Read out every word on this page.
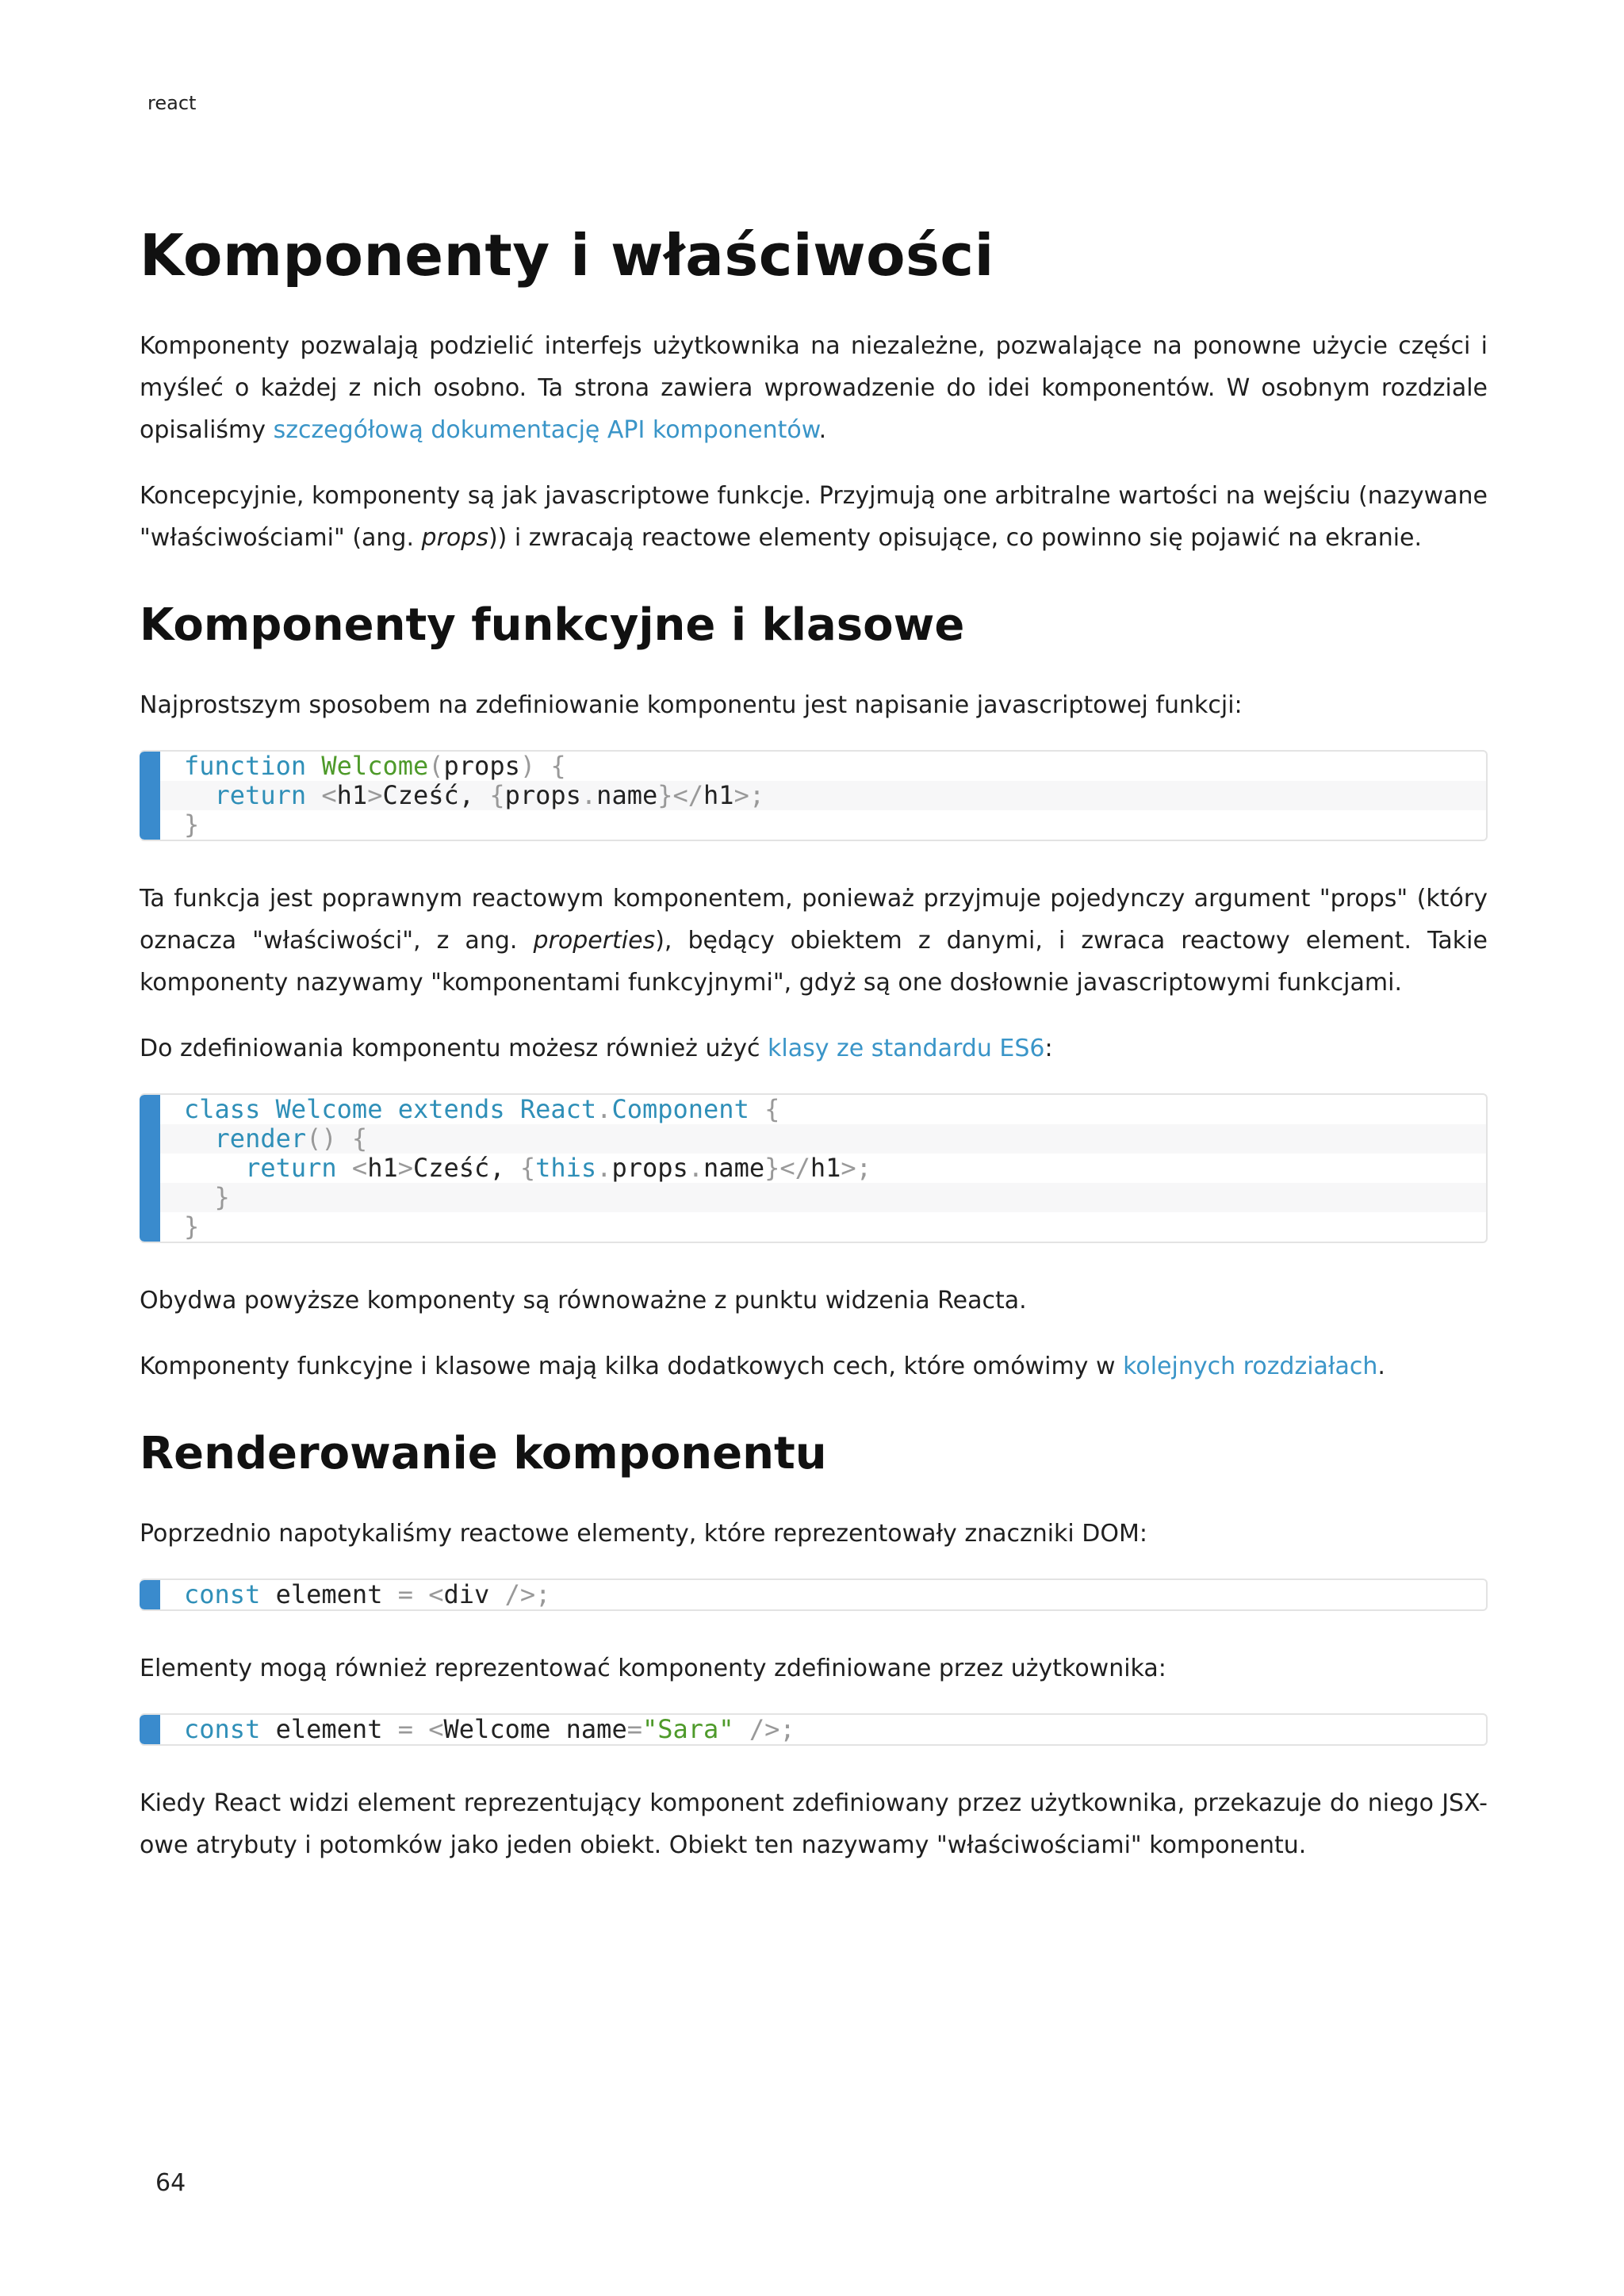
react
Komponenty i właściwości

Komponenty pozwalają podzielić interfejs użytkownika na niezależne, pozwalające na ponowne użycie części i myśleć o każdej z nich osobno. Ta strona zawiera wprowadzenie do idei komponentów. W osobnym rozdziale opisaliśmy szczegółową dokumentację API komponentów.

Koncepcyjnie, komponenty są jak javascriptowe funkcje. Przyjmują one arbitralne wartości na wejściu (nazywane "właściwościami" (ang. props)) i zwracają reactowe elementy opisujące, co powinno się pojawić na ekranie.

Komponenty funkcyjne i klasowe

Najprostszym sposobem na zdefiniowanie komponentu jest napisanie javascriptowej funkcji:

function Welcome(props) {
return <h1>Cześć, {props.name}</h1>;
}

Ta funkcja jest poprawnym reactowym komponentem, ponieważ przyjmuje pojedynczy argument "props" (który oznacza "właściwości", z ang. properties), będący obiektem z danymi, i zwraca reactowy element. Takie komponenty nazywamy "komponentami funkcyjnymi", gdyż są one dosłownie javascriptowymi funkcjami.

Do zdefiniowania komponentu możesz również użyć klasy ze standardu ES6:

class Welcome extends React.Component {
render() {
return <h1>Cześć, {this.props.name}</h1>;
}
}

Obydwa powyższe komponenty są równoważne z punktu widzenia Reacta.

Komponenty funkcyjne i klasowe mają kilka dodatkowych cech, które omówimy w kolejnych rozdziałach.

Renderowanie komponentu

Poprzednio napotykaliśmy reactowe elementy, które reprezentowały znaczniki DOM:

const element = <div />;

Elementy mogą również reprezentować komponenty zdefiniowane przez użytkownika:

const element = <Welcome name="Sara" />;

Kiedy React widzi element reprezentujący komponent zdefiniowany przez użytkownika, przekazuje do niego JSX-owe atrybuty i potomków jako jeden obiekt. Obiekt ten nazywamy "właściwościami" komponentu.

64
